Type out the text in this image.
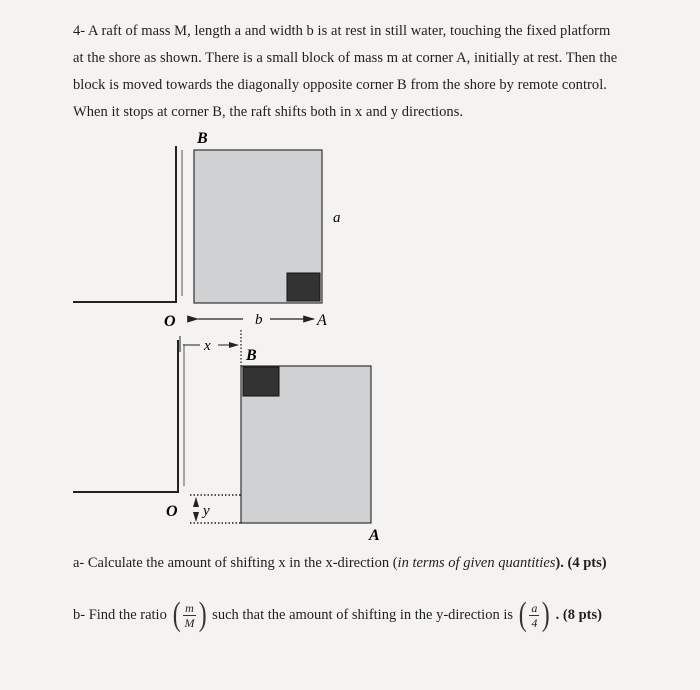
4- A raft of mass M, length a and width b is at rest in still water, touching the fixed platform

at the shore as shown. There is a small block of mass m at corner A, initially at rest. Then the

block is moved towards the diagonally opposite corner B from the shore by remote control.

When it stops at corner B, the raft shifts both in x and y directions.

B
a
O	b	A
x
B
O y
A
a- Calculate the amount of shifting x in the x-direction (in terms of given quantities). (4 pts)
b- Find the ratio ( $\frac{m}{M}$ ) such that the amount of shifting in the y-direction is ( $\frac{a}{4}$ ) . (8 pts)
